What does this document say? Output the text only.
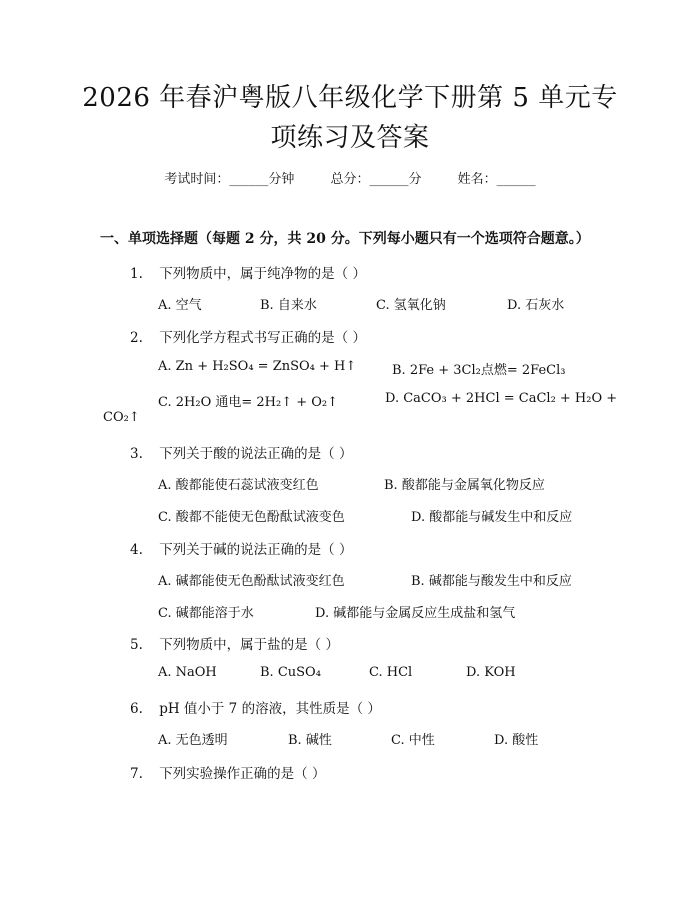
2026 年春沪粤版八年级化学下册第 5 单元专
项练习及答案
考试时间：______分钟	总分：______分	姓名：______
一、单项选择题（每题 2 分，共 20 分。下列每小题只有一个选项符合题意。）
1. 下列物质中，属于纯净物的是（ ）
A. 空气	B. 自来水	C. 氢氧化钠	D. 石灰水
2. 下列化学方程式书写正确的是（ ）
A. Zn + H₂SO₄ = ZnSO₄ + H↑	B. 2Fe + 3Cl₂点燃= 2FeCl₃
C. 2H₂O 通电= 2H₂↑ + O₂↑	D. CaCO₃ + 2HCl = CaCl₂ + H₂O +
CO₂↑
3. 下列关于酸的说法正确的是（ ）
A. 酸都能使石蕊试液变红色	B. 酸都能与金属氧化物反应
C. 酸都不能使无色酚酞试液变色	D. 酸都能与碱发生中和反应
4. 下列关于碱的说法正确的是（ ）
A. 碱都能使无色酚酞试液变红色	B. 碱都能与酸发生中和反应
C. 碱都能溶于水	D. 碱都能与金属反应生成盐和氢气
5. 下列物质中，属于盐的是（ ）
A. NaOH	B. CuSO₄	C. HCl	D. KOH
6. pH 值小于 7 的溶液，其性质是（ ）
A. 无色透明	B. 碱性	C. 中性	D. 酸性
7. 下列实验操作正确的是（ ）
